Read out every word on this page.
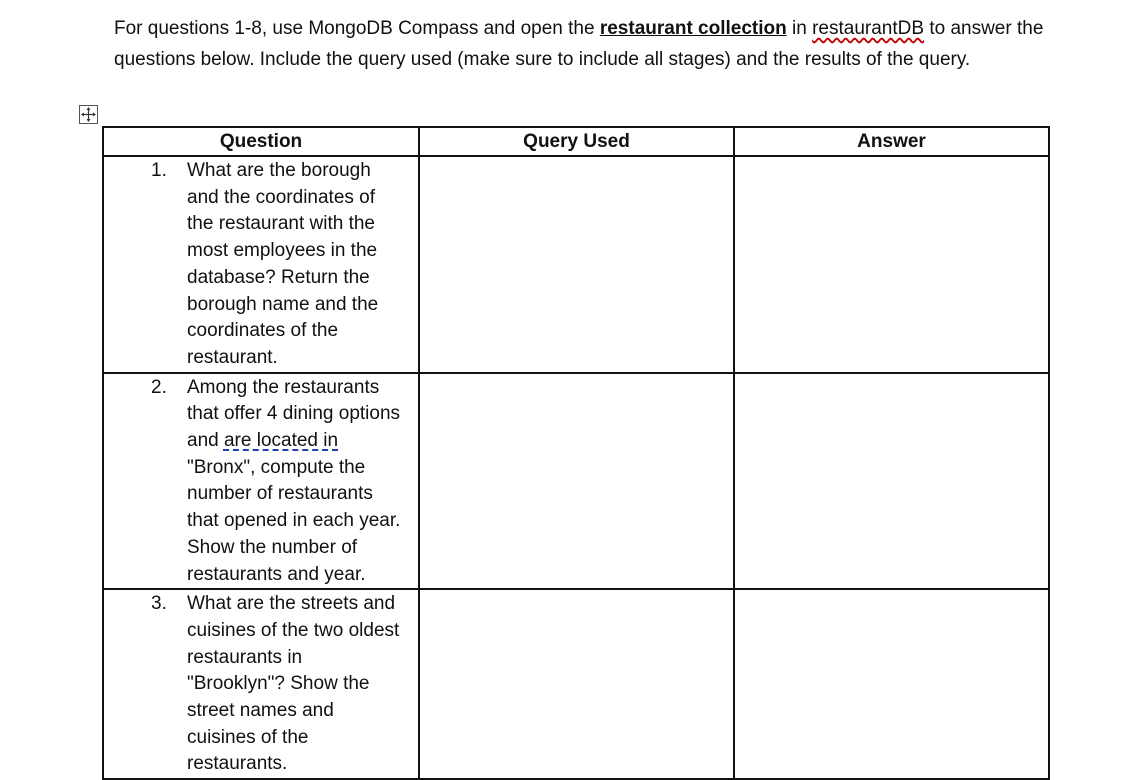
For questions 1-8, use MongoDB Compass and open the restaurant collection in restaurantDB to answer the questions below. Include the query used (make sure to include all stages) and the results of the query.

Question	Query Used	Answer

1. What are the borough and the coordinates of the restaurant with the most employees in the database? Return the borough name and the coordinates of the restaurant.		

2. Among the restaurants that offer 4 dining options and are located in "Bronx", compute the number of restaurants that opened in each year. Show the number of restaurants and year.		

3. What are the streets and cuisines of the two oldest restaurants in "Brooklyn"? Show the street names and cuisines of the restaurants.		
